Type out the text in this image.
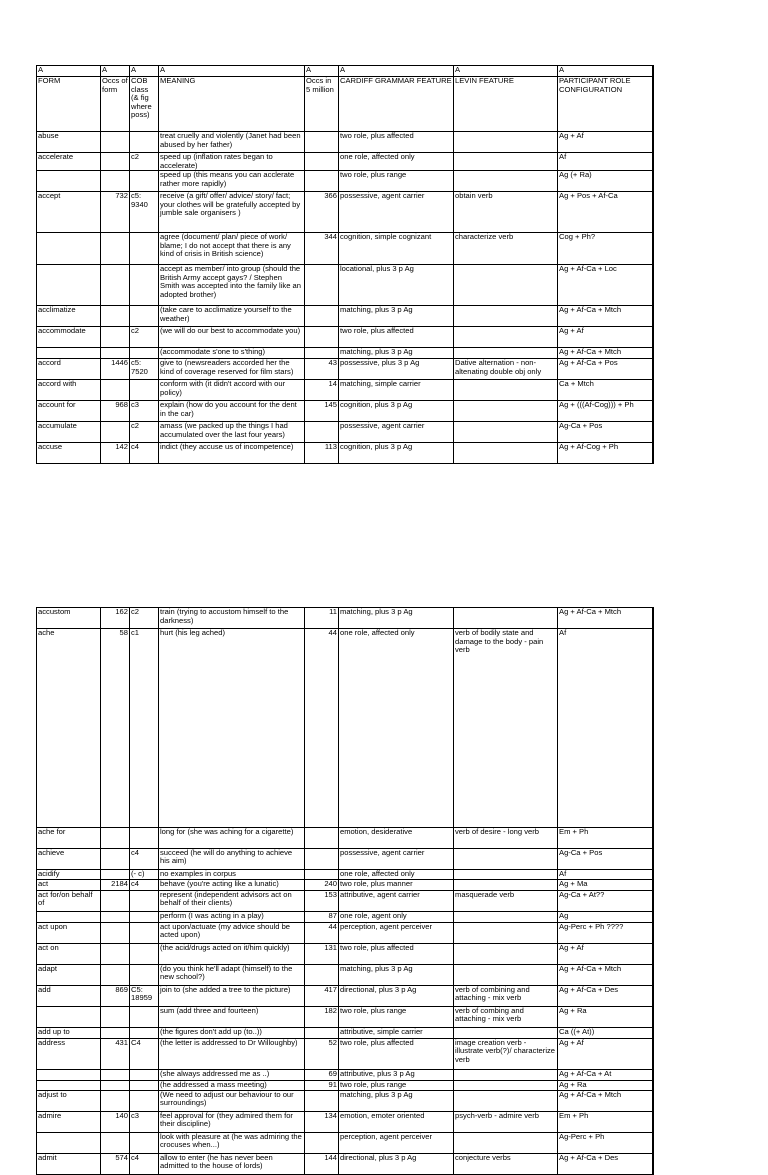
A	A	A	A	A	A	A	A	
FORM	Occs of form	COB class (& fig where poss)	MEANING	Occs in 5 million	CARDIFF GRAMMAR FEATURE	LEVIN FEATURE	PARTICIPANT ROLE CONFIGURATION	
abuse			treat cruelly and violently (Janet had been abused by her father)		two role, plus affected		Ag + Af	
accelerate		c2	speed up (inflation rates began to accelerate)		one role, affected only		Af	
			speed up (this means you can acclerate rather more rapidly)		two role, plus range		Ag (+ Ra)	
accept	732	c5: 9340	receive (a gift/ offer/ advice/ story/ fact; your clothes will be gratefully accepted by jumble sale organisers )	366	possessive, agent carrier	obtain verb	Ag + Pos + Af-Ca	
			agree (document/ plan/ piece of work/ blame; I do not accept that there is any kind of crisis in British science)	344	cognition, simple cognizant	characterize verb	Cog + Ph?	
			accept as member/ into group (should the British Army accept gays? / Stephen Smith was accepted into the family like an adopted brother)		locational, plus 3 p Ag		Ag + Af-Ca + Loc	
acclimatize			(take care to acclimatize yourself to the weather)		matching, plus 3 p Ag		Ag + Af-Ca + Mtch	
accommodate		c2	(we will do our best to accommodate you)		two role, plus affected		Ag + Af	
			(accommodate s'one to s'thing)		matching, plus 3 p Ag		Ag + Af-Ca + Mtch	
accord	1446	c5: 7520	give to (newsreaders accorded her the kind of coverage reserved for film stars)	43	possessive, plus 3 p Ag	Dative alternation - non-altenating double obj only	Ag + Af-Ca + Pos	
accord with			conform with (it didn't accord with our policy)	14	matching, simple carrier		Ca + Mtch	
account for	968	c3	explain (how do you account for the dent in the car)	145	cognition, plus 3 p Ag		Ag + (((Af-Cog))) + Ph	
accumulate		c2	amass (we packed up the things I had accumulated over the last four years)		possessive, agent carrier		Ag-Ca + Pos	
accuse	142	c4	indict (they accuse us of incompetence)	113	cognition, plus 3 p Ag		Ag + Af-Cog + Ph	
accustom	162	c2	train (trying to accustom himself to the darkness)	11	matching, plus 3 p Ag		Ag + Af-Ca + Mtch	
ache	58	c1	hurt (his leg ached)	44	one role, affected only	verb of bodily state and damage to the body - pain verb	Af	
ache for			long for (she was aching for a cigarette)		emotion, desiderative	verb of desire - long verb	Em + Ph	
achieve		c4	succeed (he will do anything to achieve his aim)		possessive, agent carrier		Ag-Ca + Pos	
acidify		(- c)	no examples in corpus		one role, affected only		Af	
act	2184	c4	behave (you're acting like a lunatic)	240	two role, plus manner		Ag + Ma	
act for/on behalf of			represent (independent advisors act on behalf of their clients)	153	attributive, agent carrier	masquerade verb	Ag-Ca + At??	
			perform (I was acting in a play)	87	one role, agent only		Ag	
act upon			act upon/actuate (my advice should be acted upon)	44	perception, agent perceiver		Ag-Perc + Ph ????	
act on			(the acid/drugs acted on it/him quickly)	131	two role, plus affected		Ag + Af	
adapt			(do you think he'll adapt (himself) to the new school?)		matching, plus 3 p Ag		Ag + Af-Ca + Mtch	
add	869	C5: 18959	join to (she added a tree to the picture)	417	directional, plus 3 p Ag	verb of combining and attaching - mix verb	Ag + Af-Ca + Des	
			sum (add three and fourteen)	182	two role, plus range	verb of combing and attaching - mix verb	Ag + Ra	
add up to			(the figures don't add up (to..))		attributive, simple carrier		Ca ((+ At))	
address	431	C4	(the letter is addressed to Dr Willoughby)	52	two role, plus affected	image creation verb - illustrate verb(?)/ characterize verb	Ag + Af	
			(she always addressed me as ..)	69	attributive, plus 3 p Ag		Ag + Af-Ca + At	
			(he addressed a mass meeting)	91	two role, plus range		Ag + Ra	
adjust to			(We need to adjust our behaviour to our surroundings)		matching, plus 3 p Ag		Ag + Af-Ca + Mtch	
admire	140	c3	feel approval for (they admired them for their discipline)	134	emotion, emoter oriented	psych-verb - admire verb	Em + Ph	
			look with pleasure at (he was admiring the crocuses when...)		perception, agent perceiver		Ag-Perc + Ph	
admit	574	c4	allow to enter (he has never been admitted to the house of lords)	144	directional, plus 3 p Ag	conjecture verbs	Ag + Af-Ca + Des	
